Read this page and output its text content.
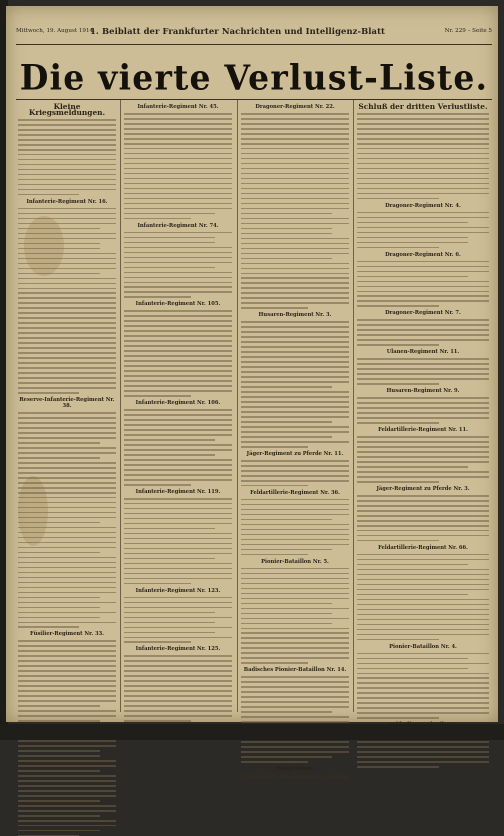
Mittwoch, 19. August 1914.
1. Beiblatt der Frankfurter Nachrichten und Intelligenz-Blatt	Nr. 229 – Seite 5
Die vierte Verlust-Liste.
Kleine Kriegsmeldungen.
Infanterie-Regiment Nr. 16.
Reserve-Infanterie-Regiment Nr. 38.
Füsilier-Regiment Nr. 33.
Infanterie-Regiment Nr. 45.
Infanterie-Regiment Nr. 74.
Infanterie-Regiment Nr. 105.
Infanterie-Regiment Nr. 106.
Infanterie-Regiment Nr. 119.
Infanterie-Regiment Nr. 123.
Infanterie-Regiment Nr. 125.
Dragoner-Regiment Nr. 22.
Husaren-Regiment Nr. 3.
Jäger-Regiment zu Pferde Nr. 11.
Feldartillerie-Regiment Nr. 36.
Pionier-Bataillon Nr. 5.
Badisches Pionier-Bataillon Nr. 14.
Pfingstträger.
Christian Koch, schwer verwundet gestorben.
Schluß der dritten Verlustliste.
Dragoner-Regiment Nr. 4.
Dragoner-Regiment Nr. 6.
Dragoner-Regiment Nr. 7.
Ulanen-Regiment Nr. 11.
Husaren-Regiment Nr. 9.
Feldartillerie-Regiment Nr. 11.
Jäger-Regiment zu Pferde Nr. 3.
Feldartillerie-Regiment Nr. 66.
Pionier-Bataillon Nr. 4.
